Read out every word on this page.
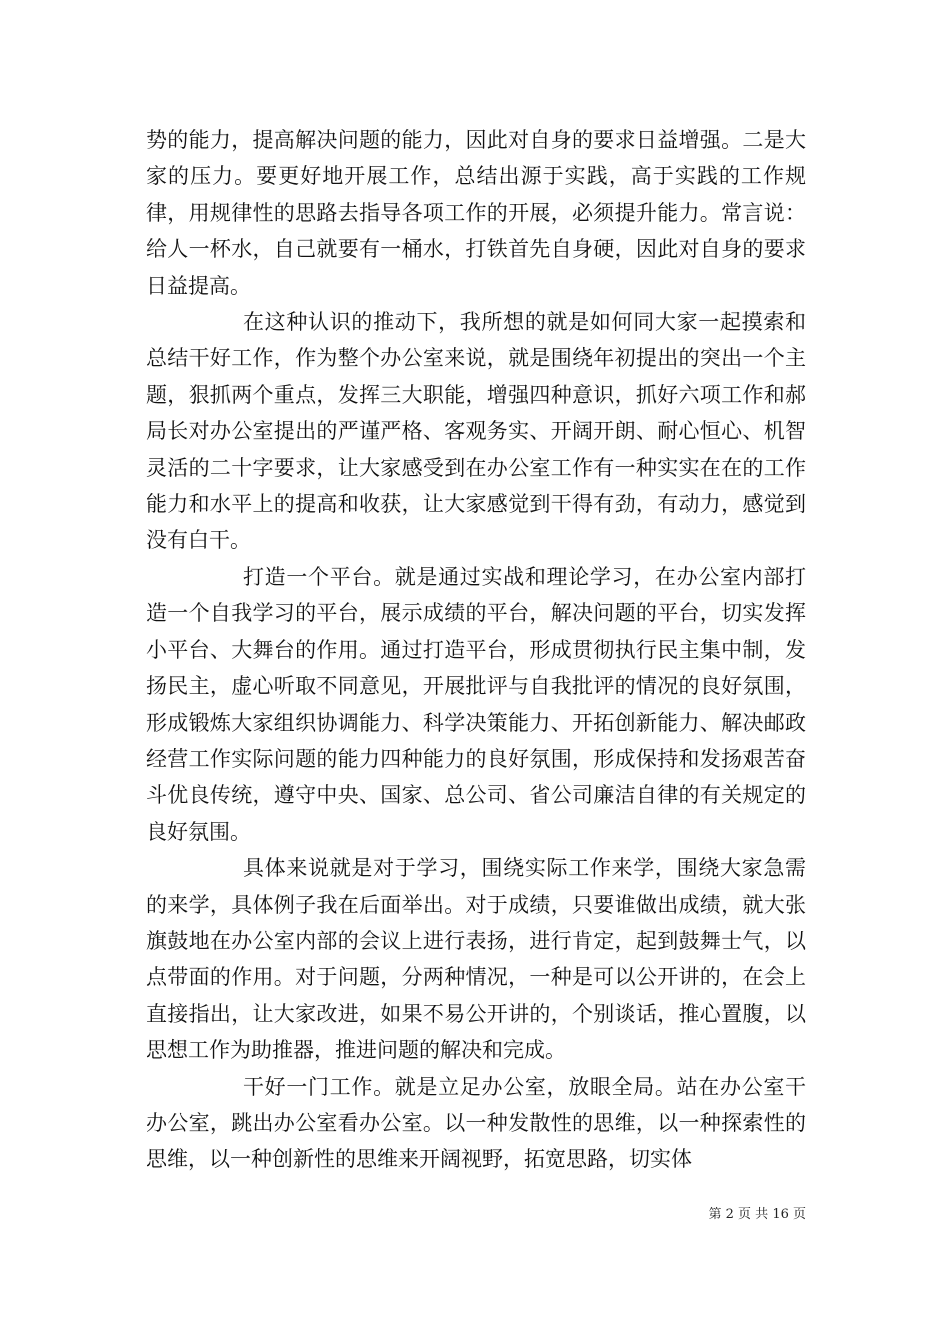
势的能力，提高解决问题的能力，因此对自身的要求日益增强。二是大家的压力。要更好地开展工作，总结出源于实践，高于实践的工作规律，用规律性的思路去指导各项工作的开展，必须提升能力。常言说：给人一杯水，自己就要有一桶水，打铁首先自身硬，因此对自身的要求日益提高。

在这种认识的推动下，我所想的就是如何同大家一起摸索和总结干好工作，作为整个办公室来说，就是围绕年初提出的突出一个主题，狠抓两个重点，发挥三大职能，增强四种意识，抓好六项工作和郝局长对办公室提出的严谨严格、客观务实、开阔开朗、耐心恒心、机智灵活的二十字要求，让大家感受到在办公室工作有一种实实在在的工作能力和水平上的提高和收获，让大家感觉到干得有劲，有动力，感觉到没有白干。

打造一个平台。就是通过实战和理论学习，在办公室内部打造一个自我学习的平台，展示成绩的平台，解决问题的平台，切实发挥小平台、大舞台的作用。通过打造平台，形成贯彻执行民主集中制，发扬民主，虚心听取不同意见，开展批评与自我批评的情况的良好氛围，形成锻炼大家组织协调能力、科学决策能力、开拓创新能力、解决邮政经营工作实际问题的能力四种能力的良好氛围，形成保持和发扬艰苦奋斗优良传统，遵守中央、国家、总公司、省公司廉洁自律的有关规定的良好氛围。

具体来说就是对于学习，围绕实际工作来学，围绕大家急需的来学，具体例子我在后面举出。对于成绩，只要谁做出成绩，就大张旗鼓地在办公室内部的会议上进行表扬，进行肯定，起到鼓舞士气，以点带面的作用。对于问题，分两种情况，一种是可以公开讲的，在会上直接指出，让大家改进，如果不易公开讲的，个别谈话，推心置腹，以思想工作为助推器，推进问题的解决和完成。

干好一门工作。就是立足办公室，放眼全局。站在办公室干办公室，跳出办公室看办公室。以一种发散性的思维，以一种探索性的思维，以一种创新性的思维来开阔视野，拓宽思路，切实体

第 2 页 共 16 页
